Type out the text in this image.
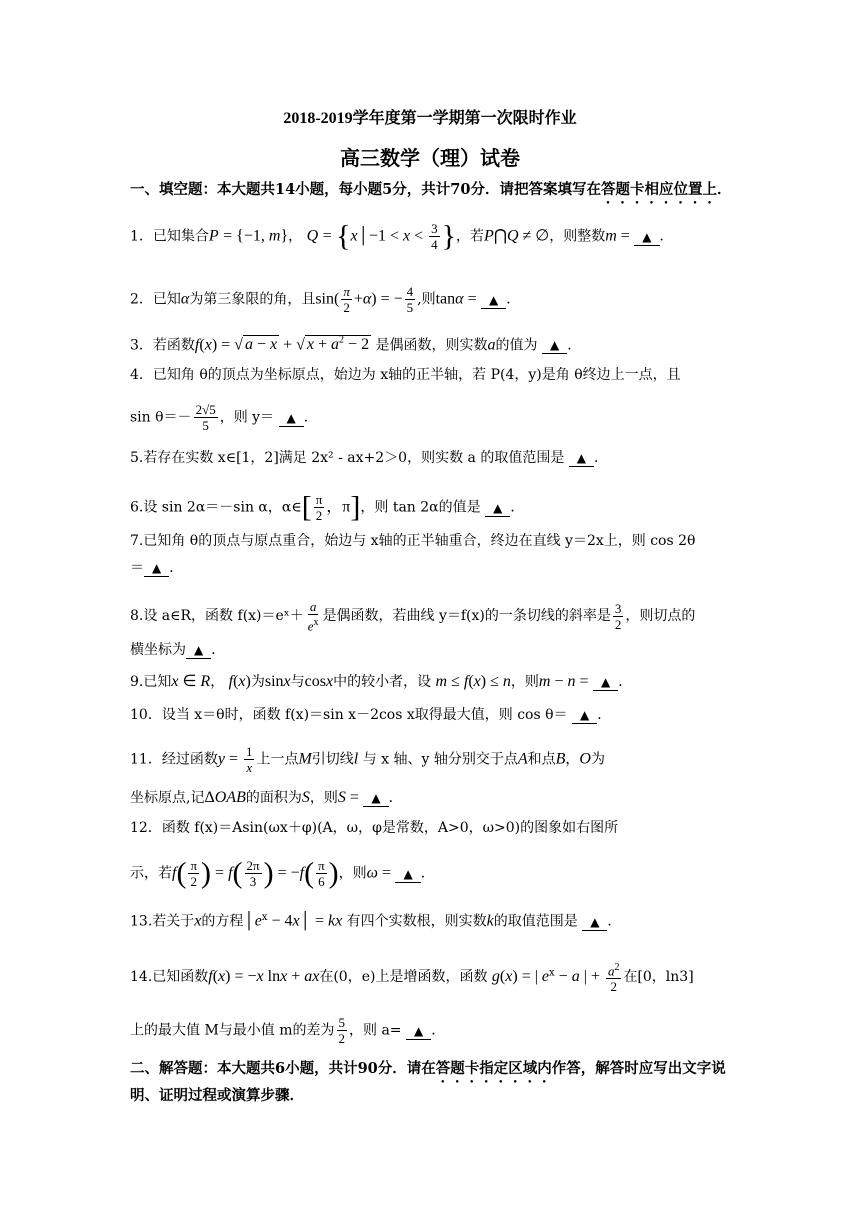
2018-2019学年度第一学期第一次限时作业
高三数学（理）试卷
一、填空题：本大题共14小题，每小题5分，共计70分．请把答案填写在答题卡相应位置上．
1．已知集合P = {−1, m}， Q = {x│−1 < $x < \frac{3}{4}$ }，若P⋂Q ≠ ∅，则整数m = ▲ ．
2．已知α为第三象限的角，且$\sin( \frac{\pi}{2} +\alpha)$ = − $\frac{4}{5}$ ,则tanα = ▲ ．
3．若函数f(x) = √ a − x + √ $x + a^2 - 2$ 是偶函数，则实数a的值为 ▲ ．
4．已知角 θ的顶点为坐标原点，始边为 x轴的正半轴，若 P(4，y)是角 θ终边上一点，且
$\sin \theta=- \frac{2√5}{5}$ ，则 y＝ ▲ ．
5.若存在实数 x∈[1，2]满足 2x² - ax+2＞0，则实数 a 的取值范围是 ▲ ．
6.设 sin 2α＝－sin α，α∈[ $\frac{\pi}{2}$ ，π]，则 tan 2α的值是 ▲ ．
7.已知角 θ的顶点与原点重合，始边与 x轴的正半轴重合，终边在直线 y＝2x上，则 cos 2θ
＝ ▲ ．
8.设 a∈R，函数 f(x)＝eˣ＋ $\frac{a}{e^x}$ 是偶函数，若曲线 y＝f(x)的一条切线的斜率是 $\frac{3}{2}$ ，则切点的
横坐标为 ▲ ．
9.已知x ∈ R， f(x)为sinx与cosx中的较小者，设 m ≤ f(x) ≤ n，则m − n = ▲ ．
10．设当 x＝θ时，函数 f(x)＝sin x－2cos x取得最大值，则 cos θ＝ ▲ ．
11．经过函数$y = \frac{1}{x}$ 上一点M引切线l 与 x 轴、y 轴分别交于点A和点B，O为
坐标原点,记ΔOAB的面积为S，则S = ▲ ．
12．函数 f(x)＝Asin(ωx＋φ)(A，ω，φ是常数，A>0，ω>0)的图象如右图所
示，若$f( \frac{\pi}{2}$ ) = $f( \frac{2\pi}{3}$ ) = $-f( \frac{\pi}{6}$ )，则ω = ▲ ．
13.若关于x的方程$│e^x$ − 4x│ = kx 有四个实数根，则实数k的取值范围是 ▲ ．
14.已知函数f(x) = −x lnx + ax在(0，e)上是增函数，函数 g(x) = | $e^x - a$ | + $\frac{a^2}{2}$ 在[0，ln3]
上的最大值 M与最小值 m的差为 $\frac{5}{2}$ ，则 a= ▲ ．
二、解答题：本大题共6小题，共计90分．请在答题卡指定区域内作答，解答时应写出文字说
明、证明过程或演算步骤．
